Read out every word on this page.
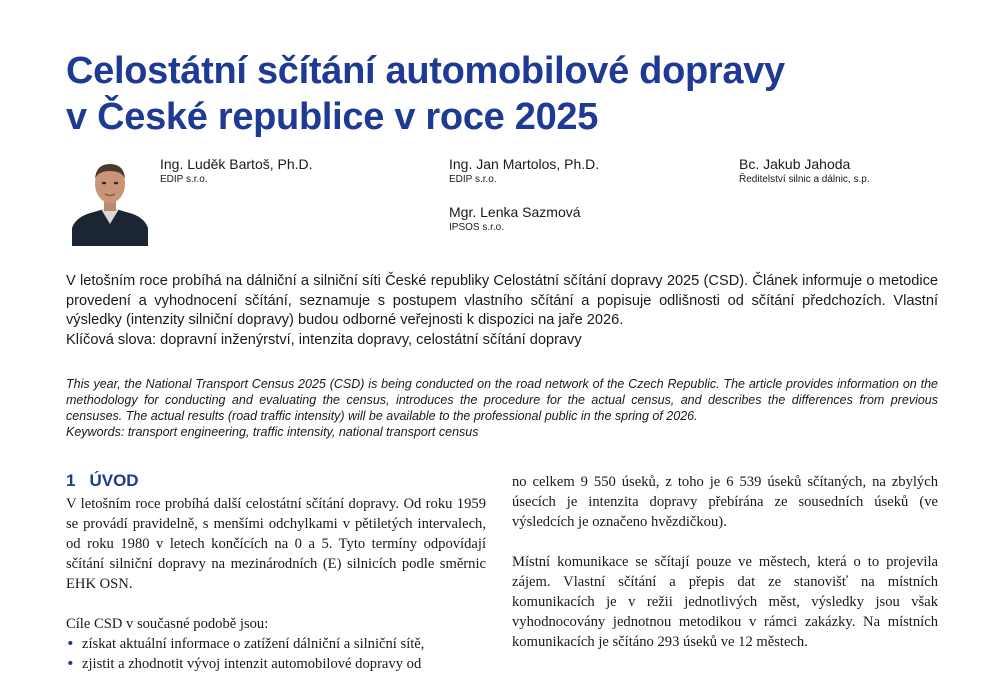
Celostátní sčítání automobilové dopravy
v České republice v roce 2025
Ing. Luděk Bartoš, Ph.D.
EDIP s.r.o.
Ing. Jan Martolos, Ph.D.
EDIP s.r.o.
Bc. Jakub Jahoda
Ředitelství silnic a dálnic, s.p.
Mgr. Lenka Sazmová
IPSOS s.r.o.

V letošním roce probíhá na dálniční a silniční síti České republiky Celostátní sčítání dopravy 2025 (CSD). Článek informuje o metodice provedení a vyhodnocení sčítání, seznamuje s postupem vlastního sčítání a popisuje odlišnosti od sčítání předchozích. Vlastní výsledky (intenzity silniční dopravy) budou odborné veřejnosti k dispozici na jaře 2026.

Klíčová slova: dopravní inženýrství, intenzita dopravy, celostátní sčítání dopravy

This year, the National Transport Census 2025 (CSD) is being conducted on the road network of the Czech Republic. The article provides information on the methodology for conducting and evaluating the census, introduces the procedure for the actual census, and describes the differences from previous censuses. The actual results (road traffic intensity) will be available to the professional public in the spring of 2026.

Keywords: transport engineering, traffic intensity, national transport census

1 ÚVOD

V letošním roce probíhá další celostátní sčítání dopravy. Od roku 1959 se provádí pravidelně, s menšími odchylkami v pětiletých intervalech, od roku 1980 v letech končících na 0 a 5. Tyto termíny odpovídají sčítání silniční dopravy na mezinárodních (E) silnicích podle směrnic EHK OSN.

Cíle CSD v současné podobě jsou:

• získat aktuální informace o zatížení dálniční a silniční sítě,
• zjistit a zhodnotit vývoj intenzit automobilové dopravy od

no celkem 9 550 úseků, z toho je 6 539 úseků sčítaných, na zbylých úsecích je intenzita dopravy přebírána ze sousedních úseků (ve výsledcích je označeno hvězdičkou).

Místní komunikace se sčítají pouze ve městech, která o to projevila zájem. Vlastní sčítání a přepis dat ze stanovišť na místních komunikacích je v režii jednotlivých měst, výsledky jsou však vyhodnocovány jednotnou metodikou v rámci zakázky. Na místních komunikacích je sčítáno 293 úseků ve 12 městech.
